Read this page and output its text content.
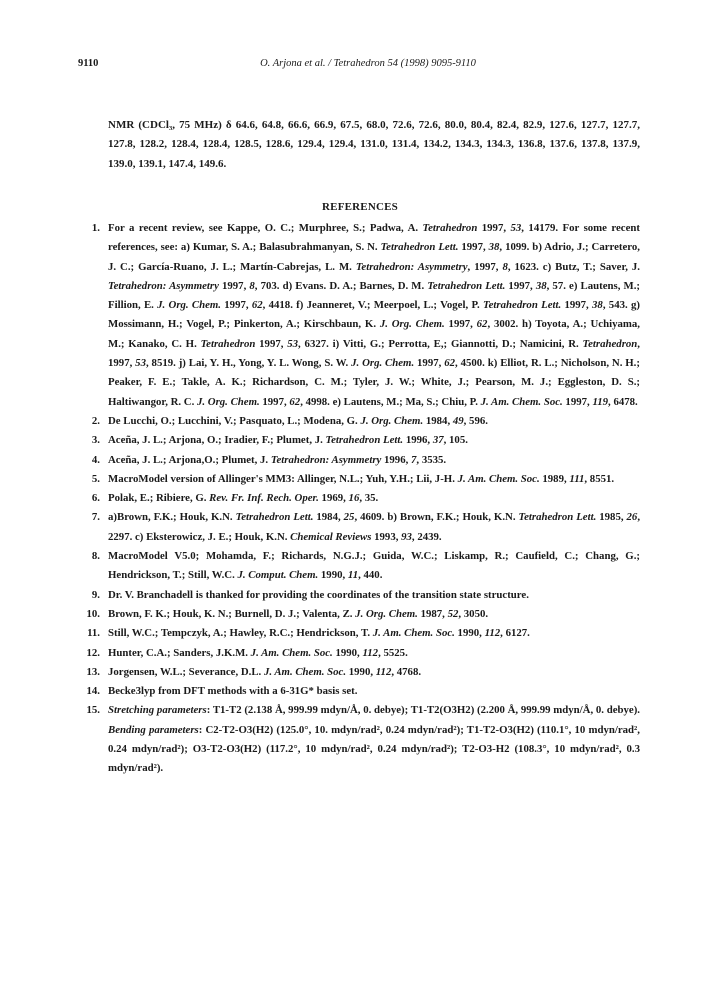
9110	O. Arjona et al. / Tetrahedron 54 (1998) 9095-9110
NMR (CDCl₃, 75 MHz) δ 64.6, 64.8, 66.6, 66.9, 67.5, 68.0, 72.6, 72.6, 80.0, 80.4, 82.4, 82.9, 127.6, 127.7, 127.7, 127.8, 128.2, 128.4, 128.4, 128.5, 128.6, 129.4, 129.4, 131.0, 131.4, 134.2, 134.3, 134.3, 136.8, 137.6, 137.8, 137.9, 139.0, 139.1, 147.4, 149.6.
REFERENCES
1. For a recent review, see Kappe, O. C.; Murphree, S.; Padwa, A. Tetrahedron 1997, 53, 14179. For some recent references, see: a) Kumar, S. A.; Balasubrahmanyan, S. N. Tetrahedron Lett. 1997, 38, 1099. b) Adrio, J.; Carretero, J. C.; García-Ruano, J. L.; Martín-Cabrejas, L. M. Tetrahedron: Asymmetry, 1997, 8, 1623. c) Butz, T.; Saver, J. Tetrahedron: Asymmetry 1997, 8, 703. d) Evans. D. A.; Barnes, D. M. Tetrahedron Lett. 1997, 38, 57. e) Lautens, M.; Fillion, E. J. Org. Chem. 1997, 62, 4418. f) Jeanneret, V.; Meerpoel, L.; Vogel, P. Tetrahedron Lett. 1997, 38, 543. g) Mossimann, H.; Vogel, P.; Pinkerton, A.; Kirschbaun, K. J. Org. Chem. 1997, 62, 3002. h) Toyota, A.; Uchiyama, M.; Kanako, C. H. Tetrahedron 1997, 53, 6327. i) Vitti, G.; Perrotta, E,; Giannotti, D.; Namicini, R. Tetrahedron, 1997, 53, 8519. j) Lai, Y. H., Yong, Y. L. Wong, S. W. J. Org. Chem. 1997, 62, 4500. k) Elliot, R. L.; Nicholson, N. H.; Peaker, F. E.; Takle, A. K.; Richardson, C. M.; Tyler, J. W.; White, J.; Pearson, M. J.; Eggleston, D. S.; Haltiwangor, R. C. J. Org. Chem. 1997, 62, 4998. e) Lautens, M.; Ma, S.; Chiu, P. J. Am. Chem. Soc. 1997, 119, 6478.
2. De Lucchi, O.; Lucchini, V.; Pasquato, L.; Modena, G. J. Org. Chem. 1984, 49, 596.
3. Aceña, J. L.; Arjona, O.; Iradier, F.; Plumet, J. Tetrahedron Lett. 1996, 37, 105.
4. Aceña, J. L.; Arjona,O.; Plumet, J. Tetrahedron: Asymmetry 1996, 7, 3535.
5. MacroModel version of Allinger's MM3: Allinger, N.L.; Yuh, Y.H.; Lii, J-H. J. Am. Chem. Soc. 1989, 111, 8551.
6. Polak, E.; Ribiere, G. Rev. Fr. Inf. Rech. Oper. 1969, 16, 35.
7. a)Brown, F.K.; Houk, K.N. Tetrahedron Lett. 1984, 25, 4609. b) Brown, F.K.; Houk, K.N. Tetrahedron Lett. 1985, 26, 2297. c) Eksterowicz, J. E.; Houk, K.N. Chemical Reviews 1993, 93, 2439.
8. MacroModel V5.0; Mohamda, F.; Richards, N.G.J.; Guida, W.C.; Liskamp, R.; Caufield, C.; Chang, G.; Hendrickson, T.; Still, W.C. J. Comput. Chem. 1990, 11, 440.
9. Dr. V. Branchadell is thanked for providing the coordinates of the transition state structure.
10. Brown, F. K.; Houk, K. N.; Burnell, D. J.; Valenta, Z. J. Org. Chem. 1987, 52, 3050.
11. Still, W.C.; Tempczyk, A.; Hawley, R.C.; Hendrickson, T. J. Am. Chem. Soc. 1990, 112, 6127.
12. Hunter, C.A.; Sanders, J.K.M. J. Am. Chem. Soc. 1990, 112, 5525.
13. Jorgensen, W.L.; Severance, D.L. J. Am. Chem. Soc. 1990, 112, 4768.
14. Becke3lyp from DFT methods with a 6-31G* basis set.
15. Stretching parameters: T1-T2 (2.138 Å, 999.99 mdyn/Å, 0. debye); T1-T2(O3H2) (2.200 Å, 999.99 mdyn/Å, 0. debye). Bending parameters: C2-T2-O3(H2) (125.0°, 10. mdyn/rad², 0.24 mdyn/rad²); T1-T2-O3(H2) (110.1°, 10 mdyn/rad², 0.24 mdyn/rad²); O3-T2-O3(H2) (117.2°, 10 mdyn/rad², 0.24 mdyn/rad²); T2-O3-H2 (108.3°, 10 mdyn/rad², 0.3 mdyn/rad²).
